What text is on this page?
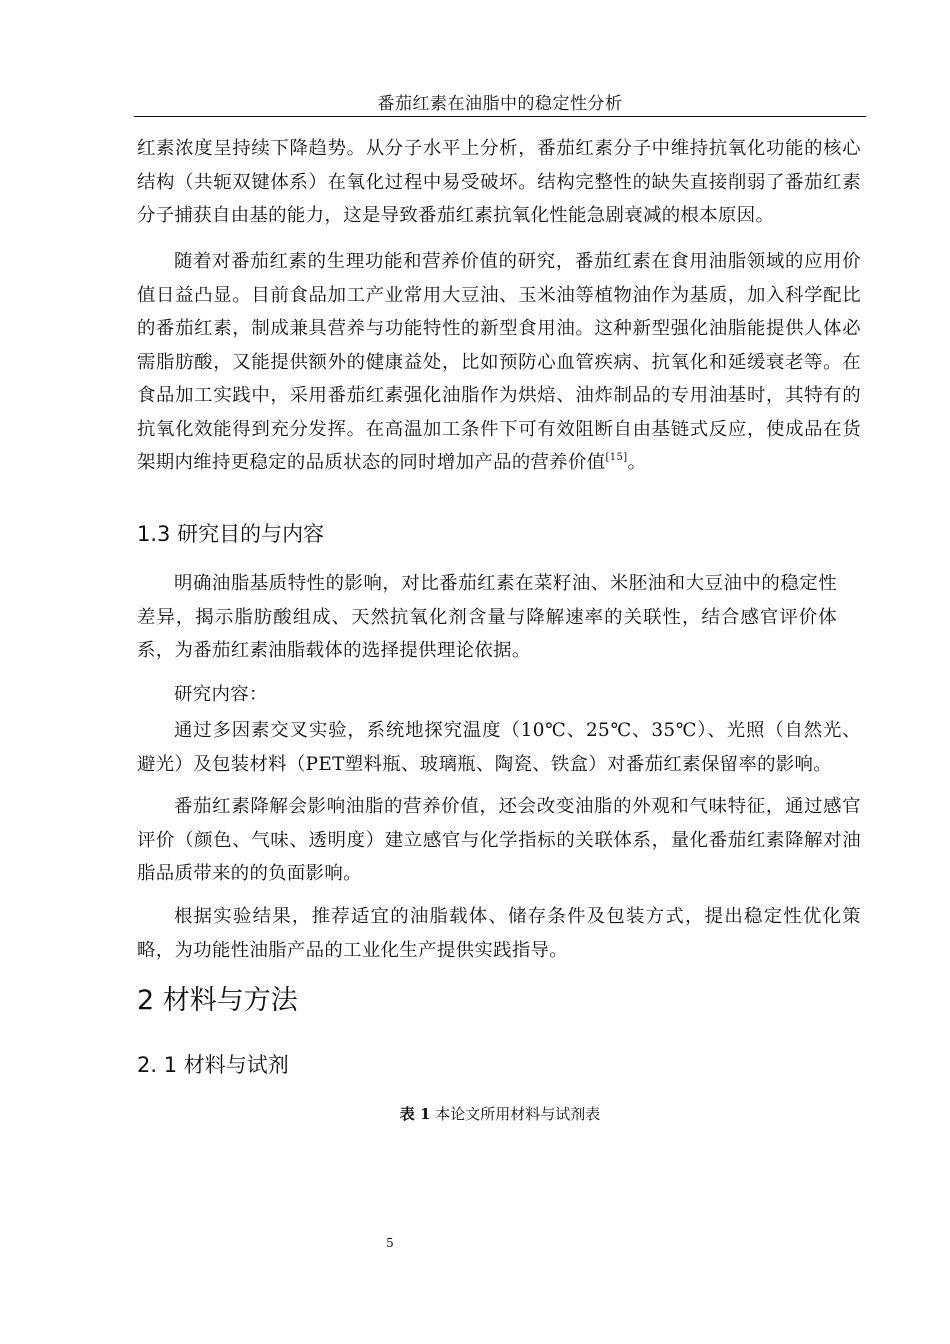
番茄红素在油脂中的稳定性分析

红素浓度呈持续下降趋势。从分子水平上分析，番茄红素分子中维持抗氧化功能的核心结构（共轭双键体系）在氧化过程中易受破坏。结构完整性的缺失直接削弱了番茄红素分子捕获自由基的能力，这是导致番茄红素抗氧化性能急剧衰减的根本原因。

随着对番茄红素的生理功能和营养价值的研究，番茄红素在食用油脂领域的应用价值日益凸显。目前食品加工产业常用大豆油、玉米油等植物油作为基质，加入科学配比的番茄红素，制成兼具营养与功能特性的新型食用油。这种新型强化油脂能提供人体必需脂肪酸，又能提供额外的健康益处，比如预防心血管疾病、抗氧化和延缓衰老等。在食品加工实践中，采用番茄红素强化油脂作为烘焙、油炸制品的专用油基时，其特有的抗氧化效能得到充分发挥。在高温加工条件下可有效阻断自由基链式反应，使成品在货架期内维持更稳定的品质状态的同时增加产品的营养价值[15]。

1.3 研究目的与内容

明确油脂基质特性的影响，对比番茄红素在菜籽油、米胚油和大豆油中的稳定性差异，揭示脂肪酸组成、天然抗氧化剂含量与降解速率的关联性，结合感官评价体系，为番茄红素油脂载体的选择提供理论依据。

研究内容：

通过多因素交叉实验，系统地探究温度（10℃、25℃、35℃）、光照（自然光、避光）及包装材料（PET塑料瓶、玻璃瓶、陶瓷、铁盒）对番茄红素保留率的影响。

番茄红素降解会影响油脂的营养价值，还会改变油脂的外观和气味特征，通过感官评价（颜色、气味、透明度）建立感官与化学指标的关联体系，量化番茄红素降解对油脂品质带来的的负面影响。

根据实验结果，推荐适宜的油脂载体、储存条件及包装方式，提出稳定性优化策略，为功能性油脂产品的工业化生产提供实践指导。

2 材料与方法
2. 1 材料与试剂
表 1 本论文所用材料与试剂表
5
